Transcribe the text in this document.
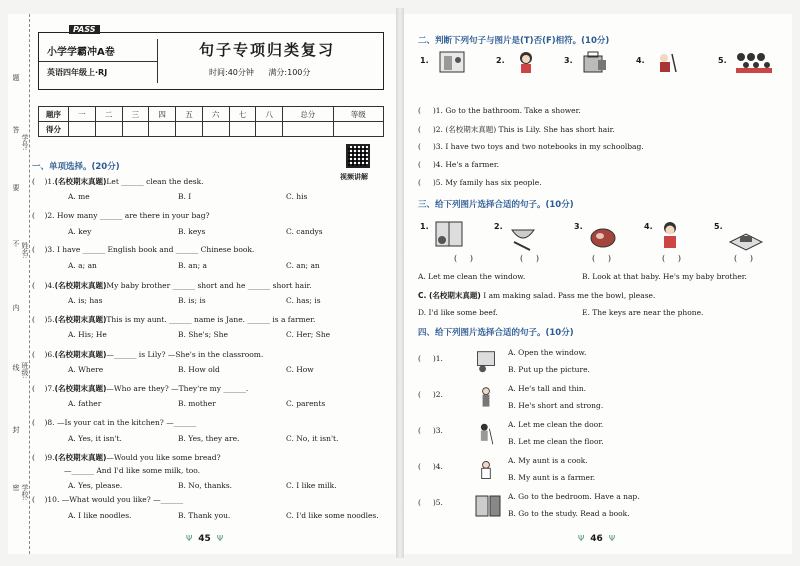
题
答
要
不
内
线
封
密
姓名:
班级:
学校:
学号:
PASS
小学学霸冲A卷
英语四年级上·RJ
句子专项归类复习
时间:40分钟 满分:100分
题序	一	二	三	四	五	六	七	八	总分	等级
得分										
视频讲解
一、单项选择。(20分)
(    )1.(名校期末真题)Let ______ clean the desk.
A. me	B. I	C. his
(    )2. How many ______ are there in your bag?
A. key	B. keys	C. candys
(    )3. I have ______ English book and ______ Chinese book.
A. a; an	B. an; a	C. an; an
(    )4.(名校期末真题)My baby brother ______ short and he ______ short hair.
A. is; has	B. is; is	C. has; is
(    )5.(名校期末真题)This is my aunt. ______ name is Jane. ______ is a farmer.
A. His; He	B. She's; She	C. Her; She
(    )6.(名校期末真题)—______ is Lily? —She's in the classroom.
A. Where	B. How old	C. How
(    )7.(名校期末真题)—Who are they? —They're my ______.
A. father	B. mother	C. parents
(    )8. —Is your cat in the kitchen? —______
A. Yes, it isn't.	B. Yes, they are.	C. No, it isn't.
(    )9.(名校期末真题)—Would you like some bread?
—______ And I'd like some milk, too.
A. Yes, please.	B. No, thanks.	C. I like milk.
(    )10. —What would you like? —______
A. I like noodles.	B. Thank you.	C. I'd like some noodles.
Ψ 45 Ψ
二、判断下列句子与图片是(T)否(F)相符。(10分)
1.	2.	3.	4.	5.
(     )1. Go to the bathroom. Take a shower.
(     )2. (名校期末真题) This is Lily. She has short hair.
(     )3. I have two toys and two notebooks in my schoolbag.
(     )4. He's a farmer.
(     )5. My family has six people.
三、给下列图片选择合适的句子。(10分)
1.	2.	3.	4.	5.
(     )	(     )	(     )	(     )	(     )
A. Let me clean the window.	B. Look at that baby. He's my baby brother.
C. (名校期末真题) I am making salad. Pass me the bowl, please.
D. I'd like some beef.	E. The keys are near the phone.
四、给下列图片选择合适的句子。(10分)
(     )1.
A. Open the window.
B. Put up the picture.
(     )2.
A. He's tall and thin.
B. He's short and strong.
(     )3.
A. Let me clean the door.
B. Let me clean the floor.
(     )4.
A. My aunt is a cook.
B. My aunt is a farmer.
(     )5.
A. Go to the bedroom. Have a nap.
B. Go to the study. Read a book.
Ψ 46 Ψ
